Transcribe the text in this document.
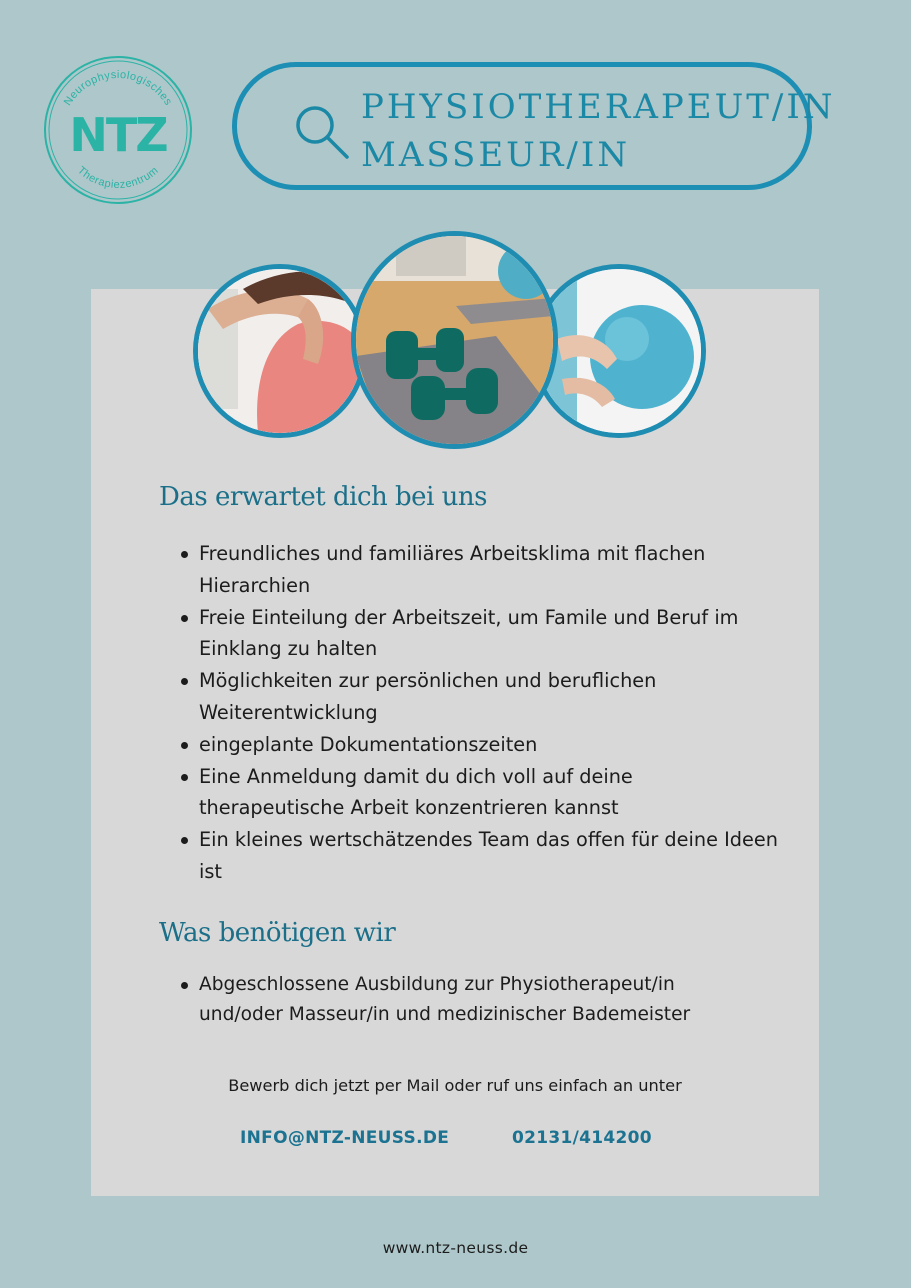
Neurophysiologisches
Therapiezentrum
NTZ
PHYSIOTHERAPEUT/IN
MASSEUR/IN
Das erwartet dich bei uns
Freundliches und familiäres Arbeitsklima mit flachen Hierarchien
Freie Einteilung der Arbeitszeit, um Famile und Beruf im Einklang zu halten
Möglichkeiten zur persönlichen und beruflichen Weiterentwicklung
eingeplante Dokumentationszeiten
Eine Anmeldung damit du dich voll auf deine therapeutische Arbeit konzentrieren kannst
Ein kleines wertschätzendes Team das offen für deine Ideen ist
Was benötigen wir
Abgeschlossene Ausbildung zur Physiotherapeut/in und/oder Masseur/in und medizinischer Bademeister
Bewerb dich jetzt per Mail oder ruf uns einfach an unter
INFO@NTZ-NEUSS.DE	02131/414200
www.ntz-neuss.de
